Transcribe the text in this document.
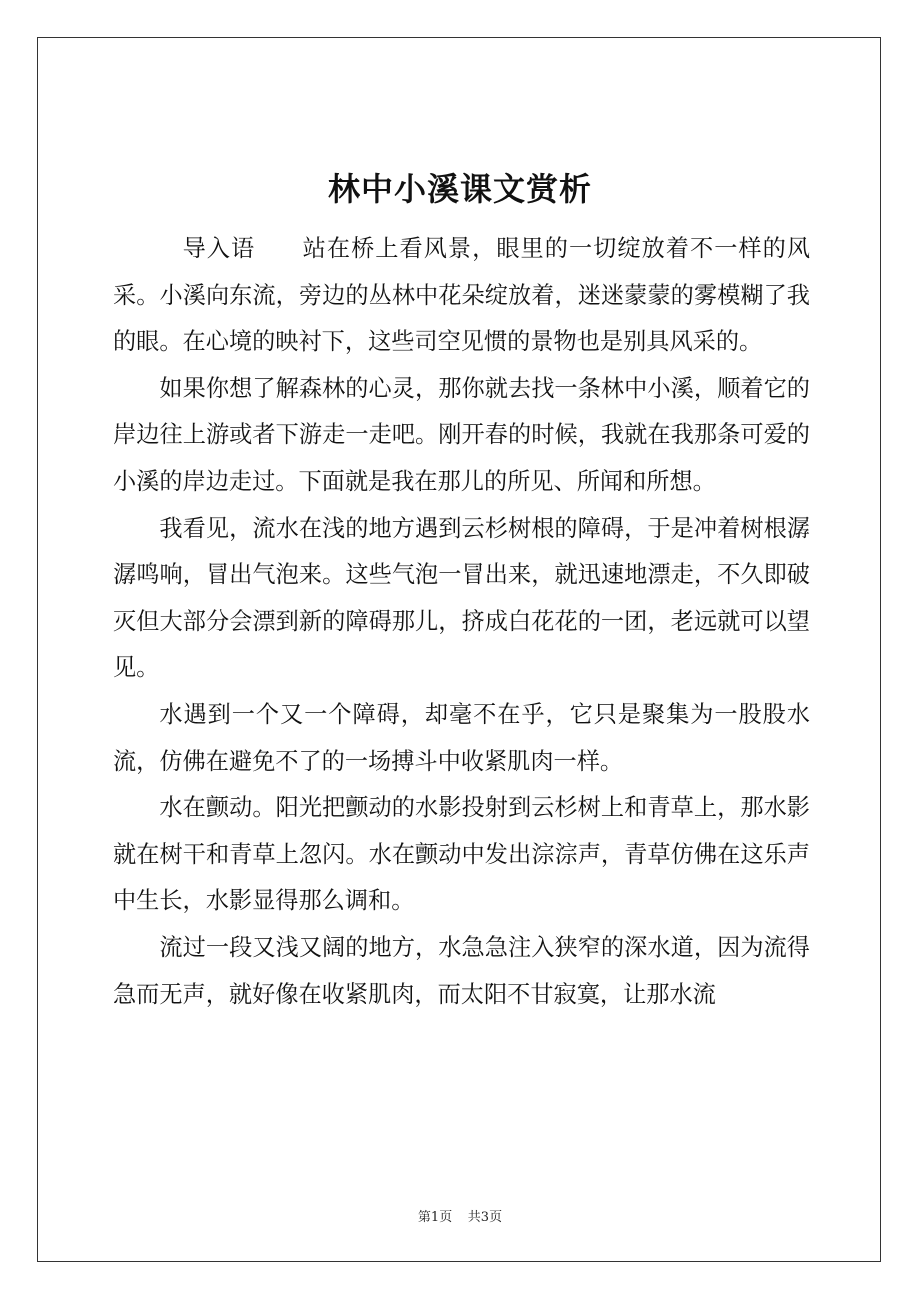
林中小溪课文赏析

导入语 站在桥上看风景，眼里的一切绽放着不一样的风采。小溪向东流，旁边的丛林中花朵绽放着，迷迷蒙蒙的雾模糊了我的眼。在心境的映衬下，这些司空见惯的景物也是别具风采的。

如果你想了解森林的心灵，那你就去找一条林中小溪，顺着它的岸边往上游或者下游走一走吧。刚开春的时候，我就在我那条可爱的小溪的岸边走过。下面就是我在那儿的所见、所闻和所想。

我看见，流水在浅的地方遇到云杉树根的障碍，于是冲着树根潺潺鸣响，冒出气泡来。这些气泡一冒出来，就迅速地漂走，不久即破灭但大部分会漂到新的障碍那儿，挤成白花花的一团，老远就可以望见。

水遇到一个又一个障碍，却毫不在乎，它只是聚集为一股股水流，仿佛在避免不了的一场搏斗中收紧肌肉一样。

水在颤动。阳光把颤动的水影投射到云杉树上和青草上，那水影就在树干和青草上忽闪。水在颤动中发出淙淙声，青草仿佛在这乐声中生长，水影显得那么调和。

流过一段又浅又阔的地方，水急急注入狭窄的深水道，因为流得急而无声，就好像在收紧肌肉，而太阳不甘寂寞，让那水流

第1页 共3页
